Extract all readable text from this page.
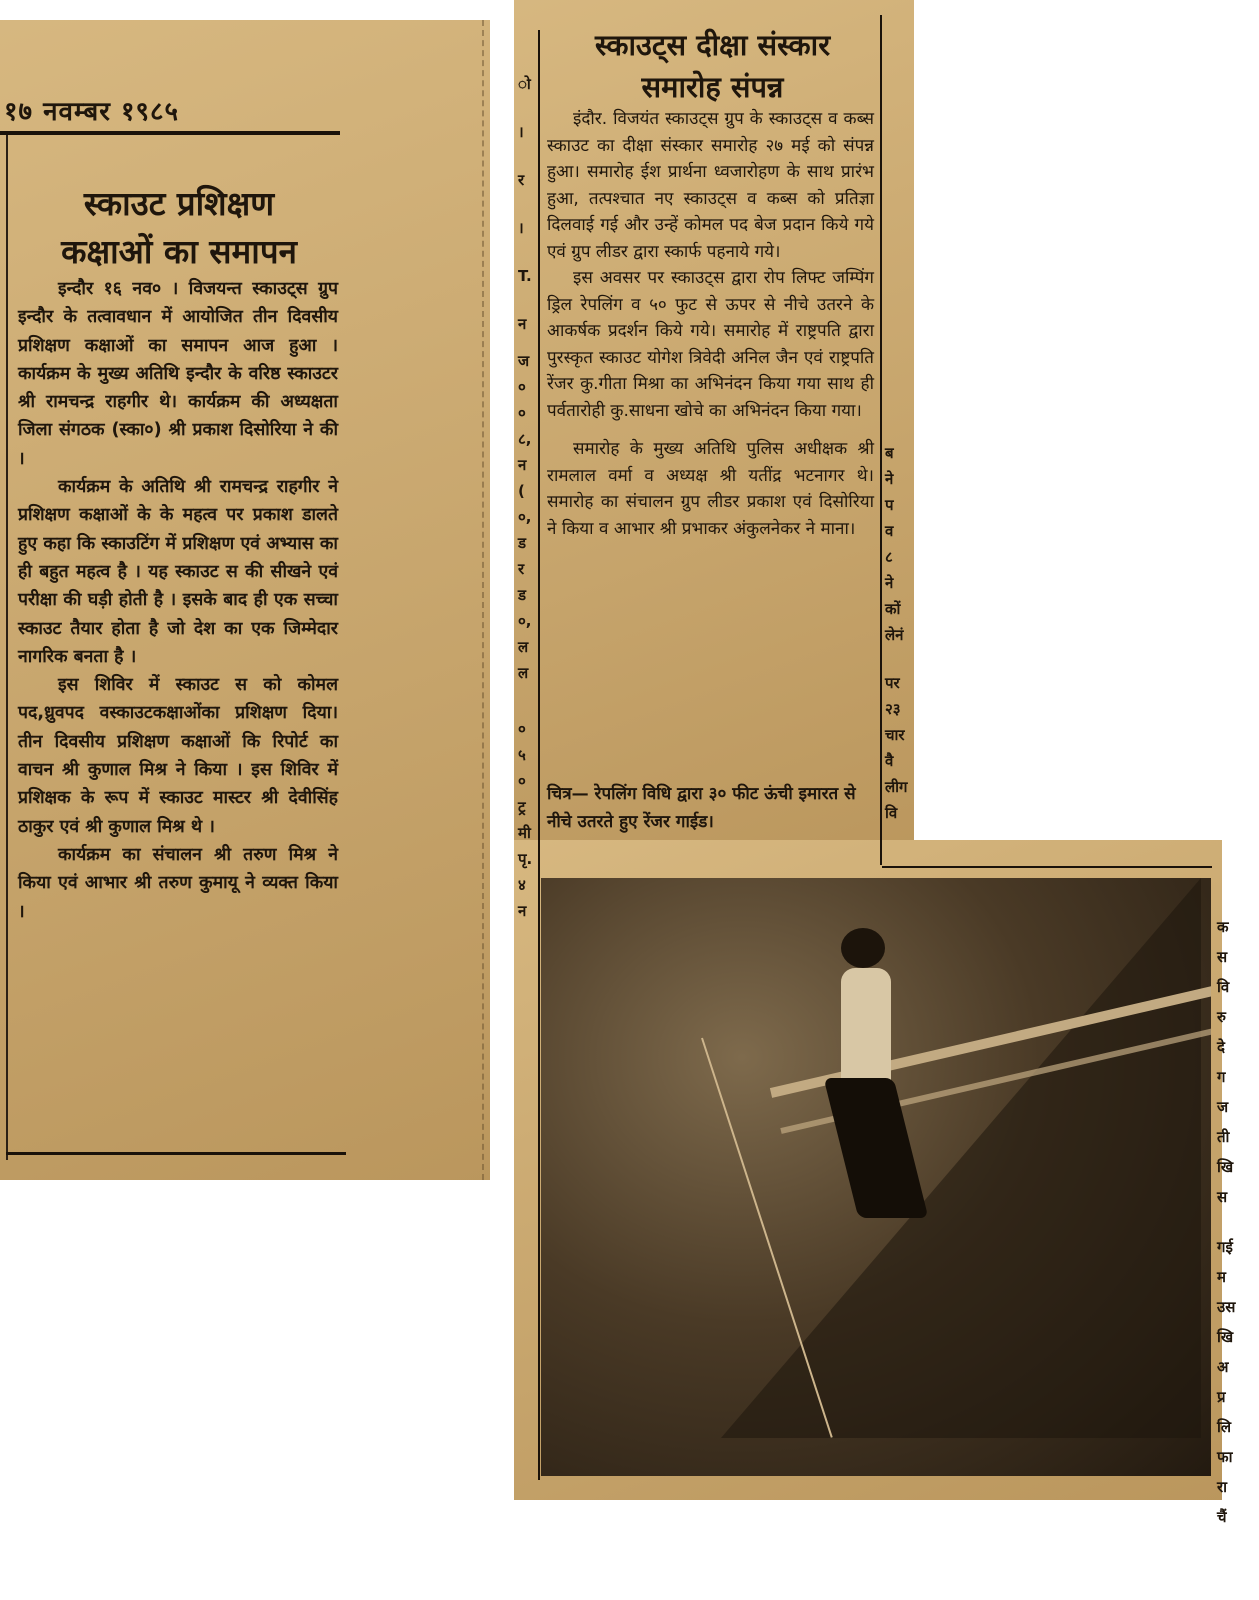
१७ नवम्बर १९८५
स्काउट प्रशिक्षण
कक्षाओं का समापन

इन्दौर १६ नव० । विजयन्त स्काउट्स ग्रुप इन्दौर के तत्वावधान में आयोजित तीन दिवसीय प्रशिक्षण कक्षाओं का समापन आज हुआ । कार्यक्रम के मुख्य अतिथि इन्दौर के वरिष्ठ स्काउटर श्री रामचन्द्र राहगीर थे। कार्यक्रम की अध्यक्षता जिला संगठक (स्का०) श्री प्रकाश दिसोरिया ने की ।

कार्यक्रम के अतिथि श्री रामचन्द्र राहगीर ने प्रशिक्षण कक्षाओं के के महत्व पर प्रकाश डालते हुए कहा कि स्काउटिंग में प्रशिक्षण एवं अभ्यास का ही बहुत महत्व है । यह स्काउट स की सीखने एवं परीक्षा की घड़ी होती है । इसके बाद ही एक सच्चा स्काउट तैयार होता है जो देश का एक जिम्मेदार नागरिक बनता है ।

इस शिविर में स्काउट स को कोमल पद,ध्रुवपद वस्काउटकक्षाओंका प्रशिक्षण दिया। तीन दिवसीय प्रशिक्षण कक्षाओं कि रिपोर्ट का वाचन श्री कुणाल मिश्र ने किया । इस शिविर में प्रशिक्षक के रूप में स्काउट मास्टर श्री देवीसिंह ठाकुर एवं श्री कुणाल मिश्र थे ।

कार्यक्रम का संचालन श्री तरुण मिश्र ने किया एवं आभार श्री तरुण कुमायू ने व्यक्त किया ।

ो
।
र
।
T.
न
ज
०
०
८,
न
(
०,
ड
र
ड
०,
ल
ल
०
५
०
ट्र
मी
पृ.
४
न
स्काउट्स दीक्षा संस्कार
समारोह संपन्न

इंदौर. विजयंत स्काउट्स ग्रुप के स्काउट्स व कब्स स्काउट का दीक्षा संस्कार समारोह २७ मई को संपन्न हुआ। समारोह ईश प्रार्थना ध्वजारोहण के साथ प्रारंभ हुआ, तत्पश्चात नए स्काउट्स व कब्स को प्रतिज्ञा दिलवाई गई और उन्हें कोमल पद बेज प्रदान किये गये एवं ग्रुप लीडर द्वारा स्कार्फ पहनाये गये।

इस अवसर पर स्काउट्स द्वारा रोप लिफ्ट जम्पिंग ड्रिल रेपलिंग व ५० फुट से ऊपर से नीचे उतरने के आकर्षक प्रदर्शन किये गये। समारोह में राष्ट्रपति द्वारा पुरस्कृत स्काउट योगेश त्रिवेदी अनिल जैन एवं राष्ट्रपति रेंजर कु.गीता मिश्रा का अभिनंदन किया गया साथ ही पर्वतारोही कु.साधना खोचे का अभिनंदन किया गया।

समारोह के मुख्य अतिथि पुलिस अधीक्षक श्री रामलाल वर्मा व अध्यक्ष श्री यतींद्र भटनागर थे। समारोह का संचालन ग्रुप लीडर प्रकाश एवं दिसोरिया ने किया व आभार श्री प्रभाकर अंकुलनेकर ने माना।

चित्र— रेपलिंग विधि द्वारा ३० फीट ऊंची इमारत से नीचे उतरते हुए रेंजर गाईड।
ब
ने
प
व
८
ने
कों
लेनं
पर
२३
चार
वै
लीग
वि
क
स
वि
रु
दे
ग
ज
ती
खि
स
गई
म
उस
खि
अ
प्र
लि
फा
रा
चैं
